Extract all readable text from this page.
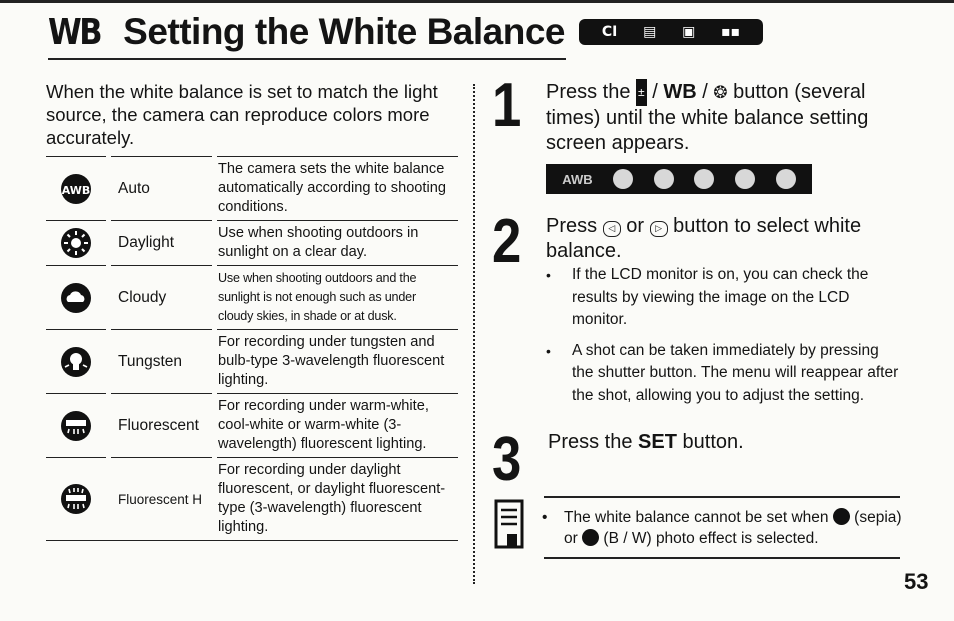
WB Setting the White Balance	CⅠ ▤ ▣ ▪▪

When the white balance is set to match the light source, the camera can reproduce colors more accurately.

AWB	Auto
The camera sets the white balance automatically according to shooting conditions.
Daylight
Use when shooting outdoors in sunlight on a clear day.
Cloudy
Use when shooting outdoors and the sunlight is not enough such as under cloudy skies, in shade or at dusk.
Tungsten
For recording under tungsten and bulb-type 3-wavelength fluorescent lighting.
Fluorescent
For recording under warm-white, cool-white or warm-white (3-wavelength) fluorescent lighting.
Fluorescent H
For recording under daylight fluorescent, or daylight fluorescent-type (3-wavelength) fluorescent lighting.
1 Press the ± / WB / ❂ button (several times) until the white balance setting screen appears.
AWB
2 Press ◁ or ▷ button to select white balance.
• If the LCD monitor is on, you can check the results by viewing the image on the LCD monitor.
• A shot can be taken immediately by pressing the shutter button. The menu will reappear after the shot, allowing you to adjust the setting.
3 Press the SET button.
• The white balance cannot be set when (sepia) or (B / W) photo effect is selected.
53
